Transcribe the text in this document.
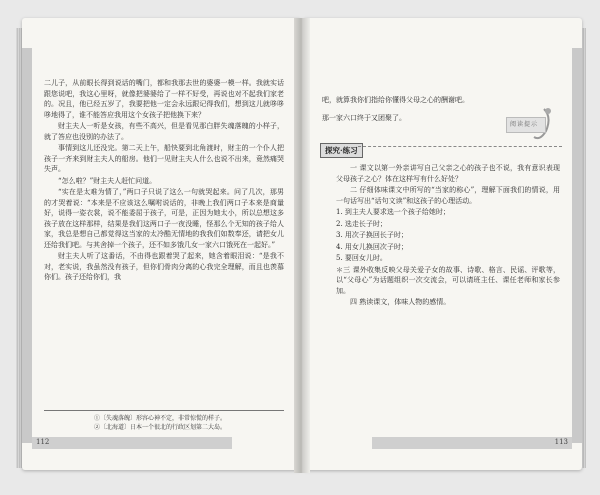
二儿子，从前眼长得到说话的嘴门，都和我那去世的婆婆一模一样。我就实话跟您说吧，我这心里呀，就像把婆婆给了一样不好受，再说也对不起我们家老的。况且，他已经五岁了，我要把他一定会永远跟记得我们，想到这儿就哆哆哆地得了，谁不能答应我用这个女孩子把他换下来？

财主夫人一听是女孩，有些不高兴，但是看见那白胖失魂落魄的小样子，就了答应也没别的办法了。

事情到这儿还没完。第二天上午，船快要到北角渡时，财主的一个仆人把孩子一齐来到财主夫人的船房。他们一见财主夫人什么也说不出来，竟然痛哭失声。

“怎么啦？”财主夫人赶忙问道。

“实在是太难为情了，”两口子只说了这么一句就哭起来。问了几次，那男的才哭着说：“本来是不应该这么嘱咐说话的，非晚上我们两口子本来是商量好，说得一姿衣裳，说不能委屈于孩子，可是，正因为她太小，所以总想这多孩子放在这样那样，结果是我们这两口子一夜没睡，怪那么个无知的孩子给人家，我总是想自己都觉得这当家的太冷酷无情地的我我们如数奉还，请把女儿还给我们吧。与其舍掉一个孩子，还不如多饿几女一家六口饿死在一起好。”

财主夫人听了这番话，不由得也跟着哭了起来，她含着眼泪说：“是我不对，老实说，我虽然没有孩子，但你们骨肉分离的心我完全理解，而且也羡慕你们。孩子还给你们，我

①〔失魂落魄〕形容心神不定，非常惊慌的样子。
②〔北海道〕日本一个很北的行政区划第二大岛。
112

吧，就算我你们指给你懂得父母之心的酬谢吧。

那一家六口终于又团聚了。

阅读提示
探究·练习

一 课文以第一外亲讲写自己父亲之心的孩子也不说，我有意识表现父母孩子之心？体在这样写有什么好处？

二 仔细体味课文中所写的“当家的称心”，理解下面我们的情说，用一句话写出“话句文读”和这孩子的心理活动。

1. 到主夫人要求选一个孩子给她时；

2. 选走长子时；

3. 用次子换回长子时；

4. 用女儿换回次子时；

5. 要回女儿时。

＊三 课外收集反映父母关爱子女的故事、诗歌、格言、民谣、评歌等，以“父母心”为话题组织一次交流会，可以请班主任、课任老师和家长参加。

四 熟读课文，体味人物的感情。

113
